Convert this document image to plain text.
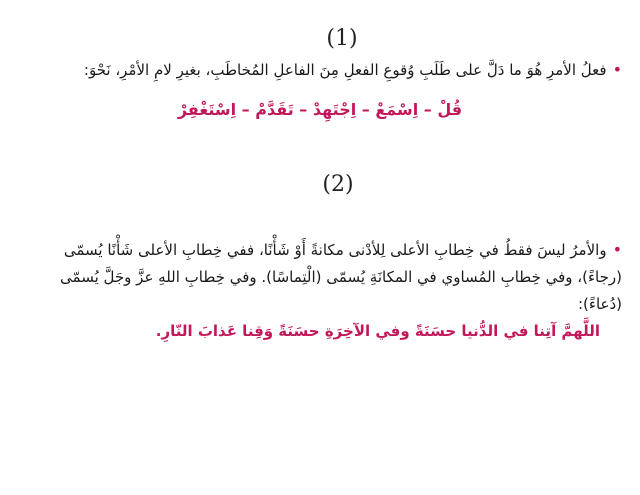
(1)
•فعلُ الأمرِ هُوَ ما دَلَّ على طَلَبِ وُقوعِ الفعلِ مِنَ الفاعلِ المُخاطَبِ، بغيرِ لامِ الأمْرِ، نَحْوَ:
قُلْ – اِسْمَعْ – اِجْتَهِدْ – تَقَدَّمْ – اِسْتَغْفِرْ
(2)
•والأمرُ ليسَ فقطُ في خِطابِ الأعلى لِلأدْنى مكانةً أَوْ شَأْنًا، ففي خِطابِ الأعلى شَأْنًا يُسمّى (رجاءً)، وفي خِطابِ المُساوي في المكانَةِ يُسمّى (الْتِماسًا). وفي خِطابِ اللهِ عزَّ وجَلَّ يُسمّى (دُعاءً):
اللَّهمَّ آتِنا في الدُّنيا حسَنَةً وفي الآخِرَةِ حسَنَةً وَقِنا عَذابَ النّارِ.
